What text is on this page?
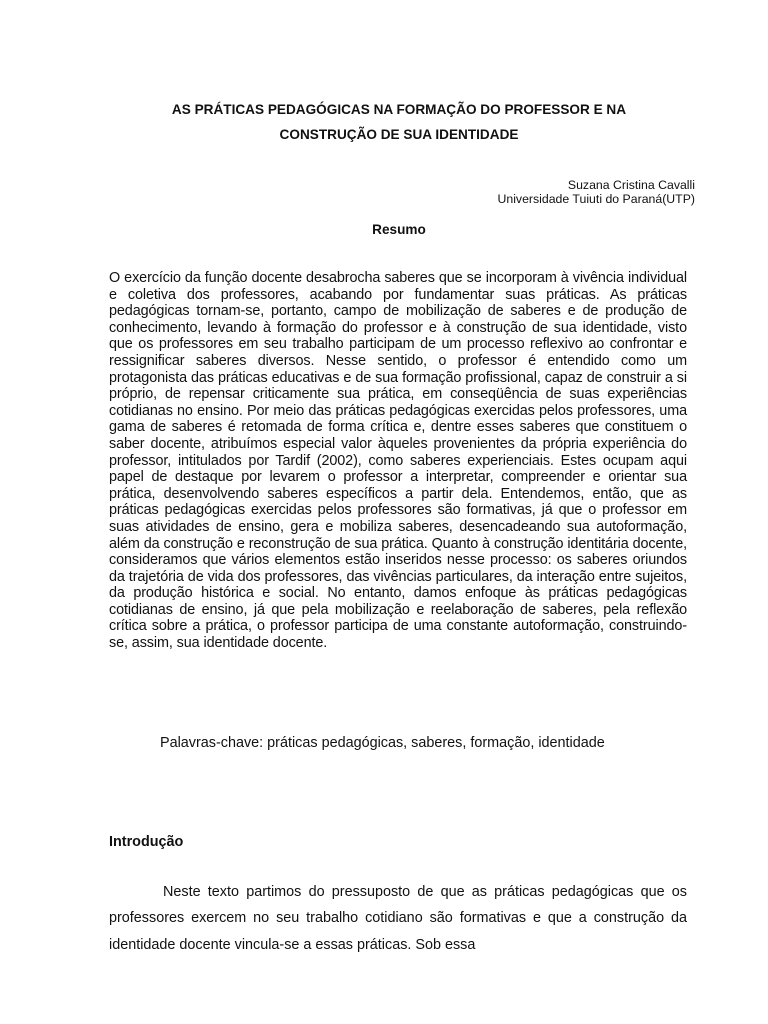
AS PRÁTICAS PEDAGÓGICAS NA FORMAÇÃO DO PROFESSOR E NA
CONSTRUÇÃO DE SUA IDENTIDADE
Suzana Cristina Cavalli
Universidade Tuiuti do Paraná(UTP)
Resumo

O exercício da função docente desabrocha saberes que se incorporam à vivência individual e coletiva dos professores, acabando por fundamentar suas práticas. As práticas pedagógicas tornam-se, portanto, campo de mobilização de saberes e de produção de conhecimento, levando à formação do professor e à construção de sua identidade, visto que os professores em seu trabalho participam de um processo reflexivo ao confrontar e ressignificar saberes diversos. Nesse sentido, o professor é entendido como um protagonista das práticas educativas e de sua formação profissional, capaz de construir a si próprio, de repensar criticamente sua prática, em conseqüência de suas experiências cotidianas no ensino. Por meio das práticas pedagógicas exercidas pelos professores, uma gama de saberes é retomada de forma crítica e, dentre esses saberes que constituem o saber docente, atribuímos especial valor àqueles provenientes da própria experiência do professor, intitulados por Tardif (2002), como saberes experienciais. Estes ocupam aqui papel de destaque por levarem o professor a interpretar, compreender e orientar sua prática, desenvolvendo saberes específicos a partir dela. Entendemos, então, que as práticas pedagógicas exercidas pelos professores são formativas, já que o professor em suas atividades de ensino, gera e mobiliza saberes, desencadeando sua autoformação, além da construção e reconstrução de sua prática. Quanto à construção identitária docente, consideramos que vários elementos estão inseridos nesse processo: os saberes oriundos da trajetória de vida dos professores, das vivências particulares, da interação entre sujeitos, da produção histórica e social. No entanto, damos enfoque às práticas pedagógicas cotidianas de ensino, já que pela mobilização e reelaboração de saberes, pela reflexão crítica sobre a prática, o professor participa de uma constante autoformação, construindo-se, assim, sua identidade docente.

Palavras-chave: práticas pedagógicas, saberes, formação, identidade
Introdução

Neste texto partimos do pressuposto de que as práticas pedagógicas que os professores exercem no seu trabalho cotidiano são formativas e que a construção da identidade docente vincula-se a essas práticas. Sob essa
